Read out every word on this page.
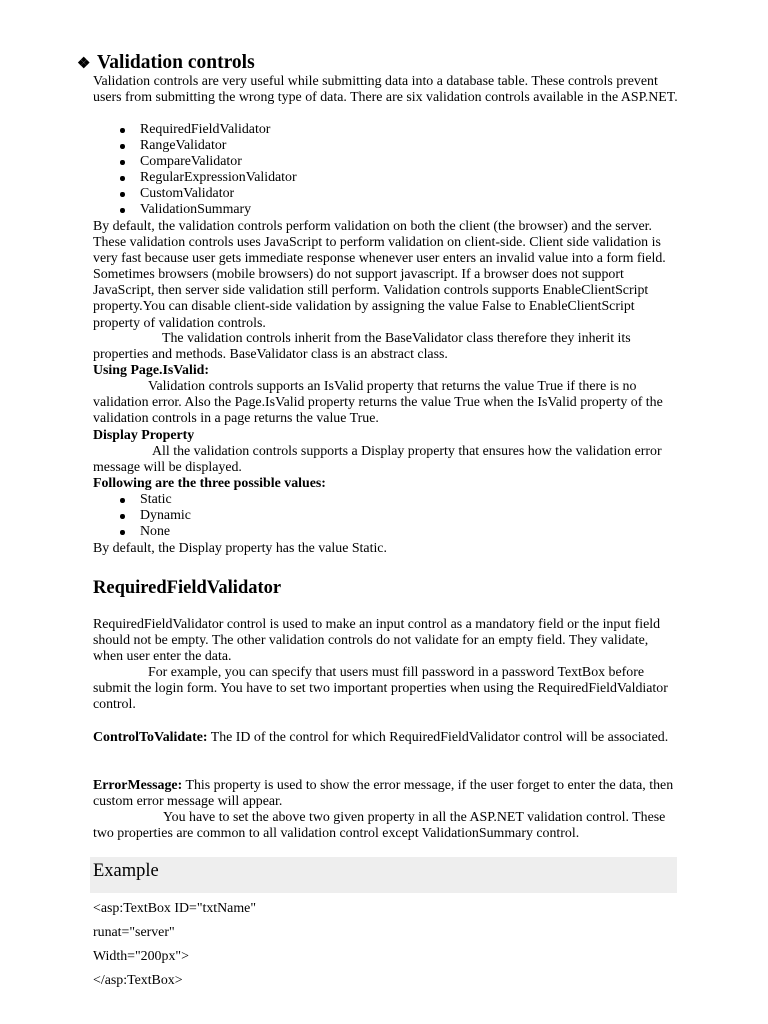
❖ Validation controls

Validation controls are very useful while submitting data into a database table. These controls prevent users from submitting the wrong type of data. There are six validation controls available in the ASP.NET.

RequiredFieldValidator
RangeValidator
CompareValidator
RegularExpressionValidator
CustomValidator
ValidationSummary

By default, the validation controls perform validation on both the client (the browser) and the server. These validation controls uses JavaScript to perform validation on client-side. Client side validation is very fast because user gets immediate response whenever user enters an invalid value into a form field. Sometimes browsers (mobile browsers) do not support javascript. If a browser does not support JavaScript, then server side validation still perform. Validation controls supports EnableClientScript property.You can disable client-side validation by assigning the value False to EnableClientScript property of validation controls.

The validation controls inherit from the BaseValidator class therefore they inherit its properties and methods. BaseValidator class is an abstract class.

Using Page.IsValid:

Validation controls supports an IsValid property that returns the value True if there is no validation error. Also the Page.IsValid property returns the value True when the IsValid property of the validation controls in a page returns the value True.

Display Property

All the validation controls supports a Display property that ensures how the validation error message will be displayed.

Following are the three possible values:

Static
Dynamic
None

By default, the Display property has the value Static.

RequiredFieldValidator

RequiredFieldValidator control is used to make an input control as a mandatory field or the input field should not be empty. The other validation controls do not validate for an empty field. They validate, when user enter the data.

For example, you can specify that users must fill password in a password TextBox before submit the login form. You have to set two important properties when using the RequiredFieldValdiator control.

ControlToValidate: The ID of the control for which RequiredFieldValidator control will be associated.

ErrorMessage: This property is used to show the error message, if the user forget to enter the data, then custom error message will appear.

You have to set the above two given property in all the ASP.NET validation control. These two properties are common to all validation control except ValidationSummary control.

Example

<asp:TextBox ID="txtName"

runat="server"

Width="200px">

</asp:TextBox>
